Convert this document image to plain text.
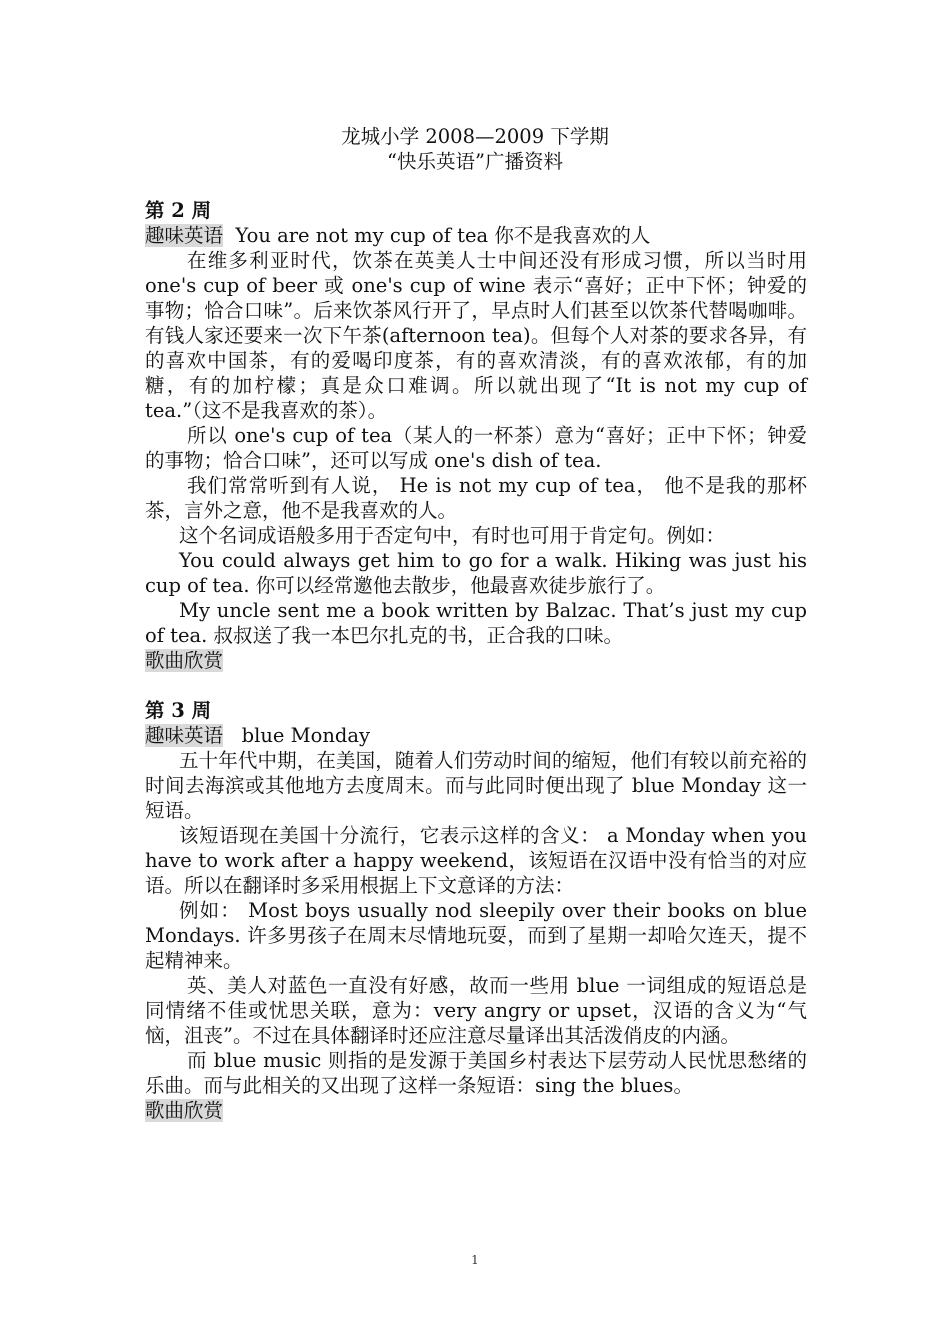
龙城小学 2008—2009 下学期
“快乐英语”广播资料
第 2 周
趣味英语 You are not my cup of tea 你不是我喜欢的人

在维多利亚时代，饮茶在英美人士中间还没有形成习惯，所以当时用 one's cup of beer 或 one's cup of wine 表示“喜好；正中下怀；钟爱的事物；恰合口味”。后来饮茶风行开了，早点时人们甚至以饮茶代替喝咖啡。有钱人家还要来一次下午茶(afternoon tea)。但每个人对茶的要求各异，有的喜欢中国茶，有的爱喝印度茶，有的喜欢清淡，有的喜欢浓郁，有的加糖，有的加柠檬；真是众口难调。所以就出现了“It is not my cup of tea.”（这不是我喜欢的茶）。

所以 one's cup of tea（某人的一杯茶）意为“喜好；正中下怀；钟爱的事物；恰合口味”，还可以写成 one's dish of tea.

我们常常听到有人说， He is not my cup of tea， 他不是我的那杯茶，言外之意，他不是我喜欢的人。

这个名词成语般多用于否定句中，有时也可用于肯定句。例如：

You could always get him to go for a walk. Hiking was just his cup of tea. 你可以经常邀他去散步，他最喜欢徒步旅行了。

My uncle sent me a book written by Balzac. That’s just my cup of tea. 叔叔送了我一本巴尔扎克的书，正合我的口味。

歌曲欣赏
第 3 周
趣味英语 blue Monday

五十年代中期，在美国，随着人们劳动时间的缩短，他们有较以前充裕的时间去海滨或其他地方去度周末。而与此同时便出现了 blue Monday 这一短语。

该短语现在美国十分流行，它表示这样的含义： a Monday when you have to work after a happy weekend，该短语在汉语中没有恰当的对应语。所以在翻译时多采用根据上下文意译的方法：

例如： Most boys usually nod sleepily over their books on blue Mondays. 许多男孩子在周末尽情地玩耍，而到了星期一却哈欠连天，提不起精神来。

英、美人对蓝色一直没有好感，故而一些用 blue 一词组成的短语总是同情绪不佳或忧思关联，意为：very angry or upset，汉语的含义为“气恼，沮丧”。不过在具体翻译时还应注意尽量译出其活泼俏皮的内涵。

而 blue music 则指的是发源于美国乡村表达下层劳动人民忧思愁绪的乐曲。而与此相关的又出现了这样一条短语：sing the blues。

歌曲欣赏
1
